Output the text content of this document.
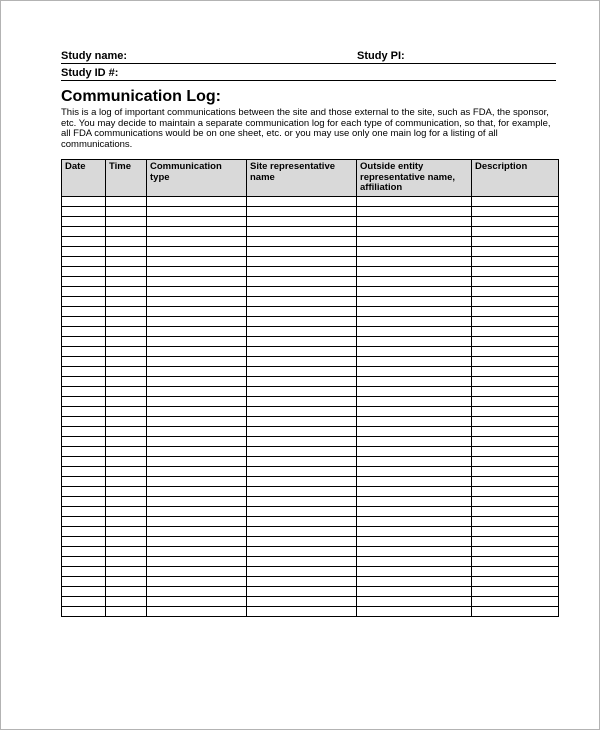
Study name:	Study PI:
Study ID #:
Communication Log:

This is a log of important communications between the site and those external to the site, such as FDA, the sponsor, etc. You may decide to maintain a separate communication log for each type of communication, so that, for example, all FDA communications would be on one sheet, etc. or you may use only one main log for a listing of all communications.

Date	Time	Communication type	Site representative name	Outside entity representative name, affiliation	Description
